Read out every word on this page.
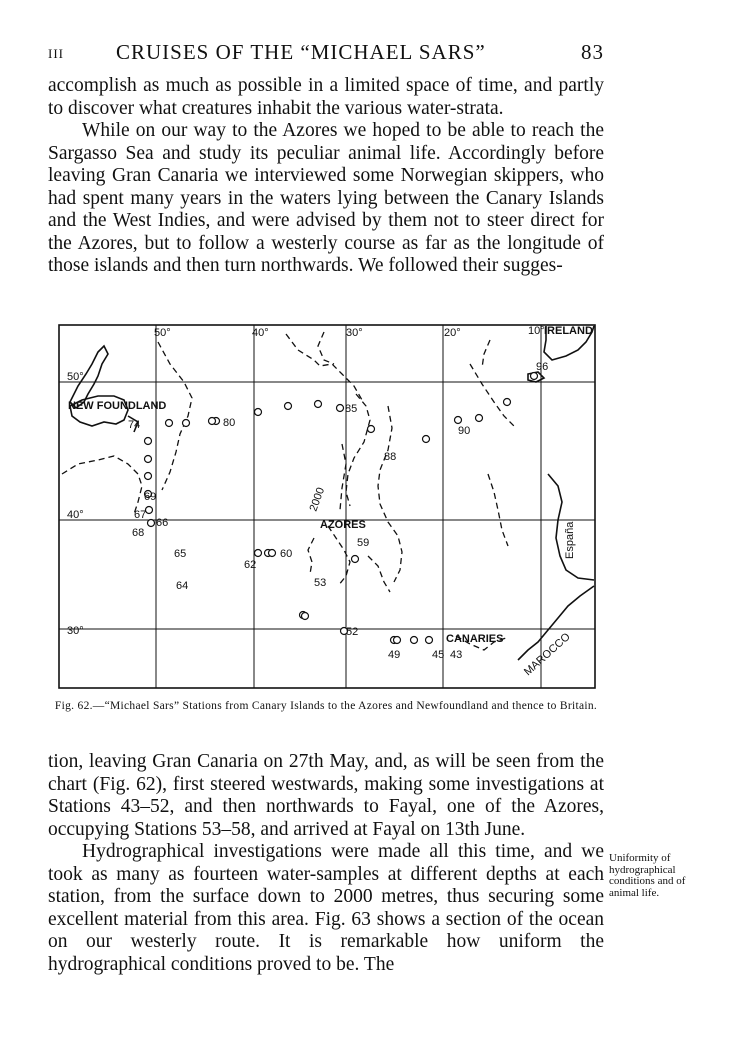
III CRUISES OF THE “MICHAEL SARS”	83

accomplish as much as possible in a limited space of time, and partly to discover what creatures inhabit the various water-strata.

While on our way to the Azores we hoped to be able to reach the Sargasso Sea and study its peculiar animal life. Accordingly before leaving Gran Canaria we interviewed some Norwegian skippers, who had spent many years in the waters lying between the Canary Islands and the West Indies, and were advised by them not to steer direct for the Azores, but to follow a westerly course as far as the longitude of those islands and then turn northwards. We followed their sugges-

50°	40°	30°	20°	10°
50°
40°
30°
NEW FOUNDLAND
IRELAND
AZORES
CANARIES
España
MAROCCO
2000
96
85
80
74	90
88
69
67
66
68
65
64
62
60
59
53
52
49	45 43
Fig. 62.—“Michael Sars” Stations from Canary Islands to the Azores and Newfoundland and thence to Britain.

tion, leaving Gran Canaria on 27th May, and, as will be seen from the chart (Fig. 62), first steered westwards, making some investigations at Stations 43–52, and then northwards to Fayal, one of the Azores, occupying Stations 53–58, and arrived at Fayal on 13th June.

Hydrographical investigations were made all this time, and we took as many as fourteen water-samples at different depths at each station, from the surface down to 2000 metres, thus securing some excellent material from this area. Fig. 63 shows a section of the ocean on our westerly route. It is remarkable how uniform the hydrographical conditions proved to be. The

Uniformity of hydrographical conditions and of animal life.
